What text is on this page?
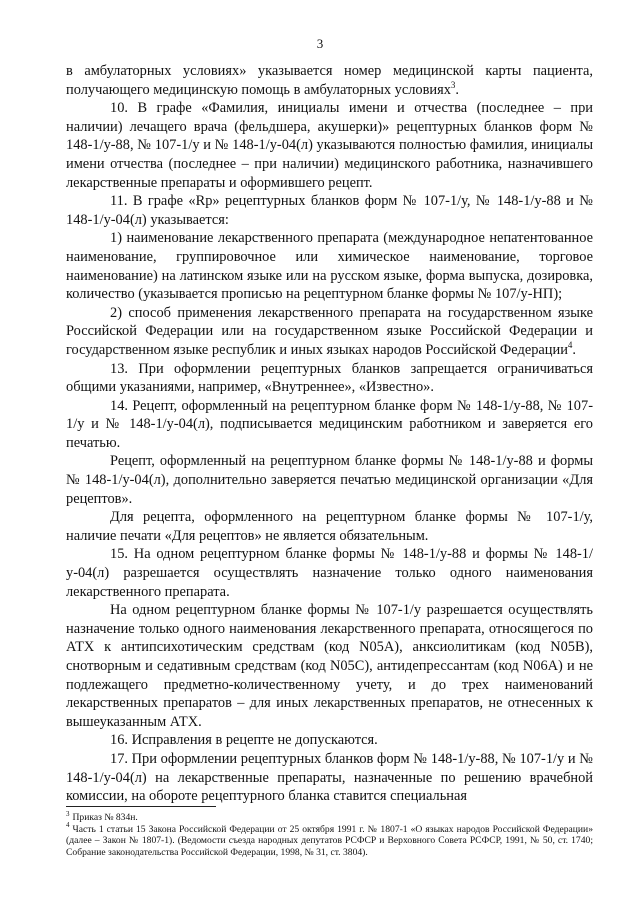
3

в амбулаторных условиях» указывается номер медицинской карты пациента, получающего медицинскую помощь в амбулаторных условиях$^3$.

10. В графе «Фамилия, инициалы имени и отчества (последнее – при наличии) лечащего врача (фельдшера, акушерки)» рецептурных бланков форм № 148-1/у-88, № 107-1/у и № 148-1/у-04(л) указываются полностью фамилия, инициалы имени отчества (последнее – при наличии) медицинского работника, назначившего лекарственные препараты и оформившего рецепт.

11. В графе «Rp» рецептурных бланков форм № 107-1/у, № 148-1/у-88 и № 148-1/у-04(л) указывается:

1) наименование лекарственного препарата (международное непатентованное наименование, группировочное или химическое наименование, торговое наименование) на латинском языке или на русском языке, форма выпуска, дозировка, количество (указывается прописью на рецептурном бланке формы № 107/у-НП);

2) способ применения лекарственного препарата на государственном языке Российской Федерации или на государственном языке Российской Федерации и государственном языке республик и иных языках народов Российской Федерации$^4$.

13. При оформлении рецептурных бланков запрещается ограничиваться общими указаниями, например, «Внутреннее», «Известно».

14. Рецепт, оформленный на рецептурном бланке форм № 148-1/у-88, № 107-1/у и № 148-1/у-04(л), подписывается медицинским работником и заверяется его печатью.

Рецепт, оформленный на рецептурном бланке формы № 148-1/у-88 и формы № 148-1/у-04(л), дополнительно заверяется печатью медицинской организации «Для рецептов».

Для рецепта, оформленного на рецептурном бланке формы № 107-1/у, наличие печати «Для рецептов» не является обязательным.

15. На одном рецептурном бланке формы № 148-1/у-88 и формы № 148-1/у-04(л) разрешается осуществлять назначение только одного наименования лекарственного препарата.

На одном рецептурном бланке формы № 107-1/у разрешается осуществлять назначение только одного наименования лекарственного препарата, относящегося по АТХ к антипсихотическим средствам (код N05A), анксиолитикам (код N05B), снотворным и седативным средствам (код N05C), антидепрессантам (код N06A) и не подлежащего предметно-количественному учету, и до трех наименований лекарственных препаратов – для иных лекарственных препаратов, не отнесенных к вышеуказанным АТХ.

16. Исправления в рецепте не допускаются.

17. При оформлении рецептурных бланков форм № 148-1/у-88, № 107-1/у и № 148-1/у-04(л) на лекарственные препараты, назначенные по решению врачебной комиссии, на обороте рецептурного бланка ставится специальная

$^3$ Приказ № 834н.

$^4$ Часть 1 статьи 15 Закона Российской Федерации от 25 октября 1991 г. № 1807-1 «О языках народов Российской Федерации» (далее – Закон № 1807-1). (Ведомости съезда народных депутатов РСФСР и Верховного Совета РСФСР, 1991, № 50, ст. 1740; Собрание законодательства Российской Федерации, 1998, № 31, ст. 3804).
